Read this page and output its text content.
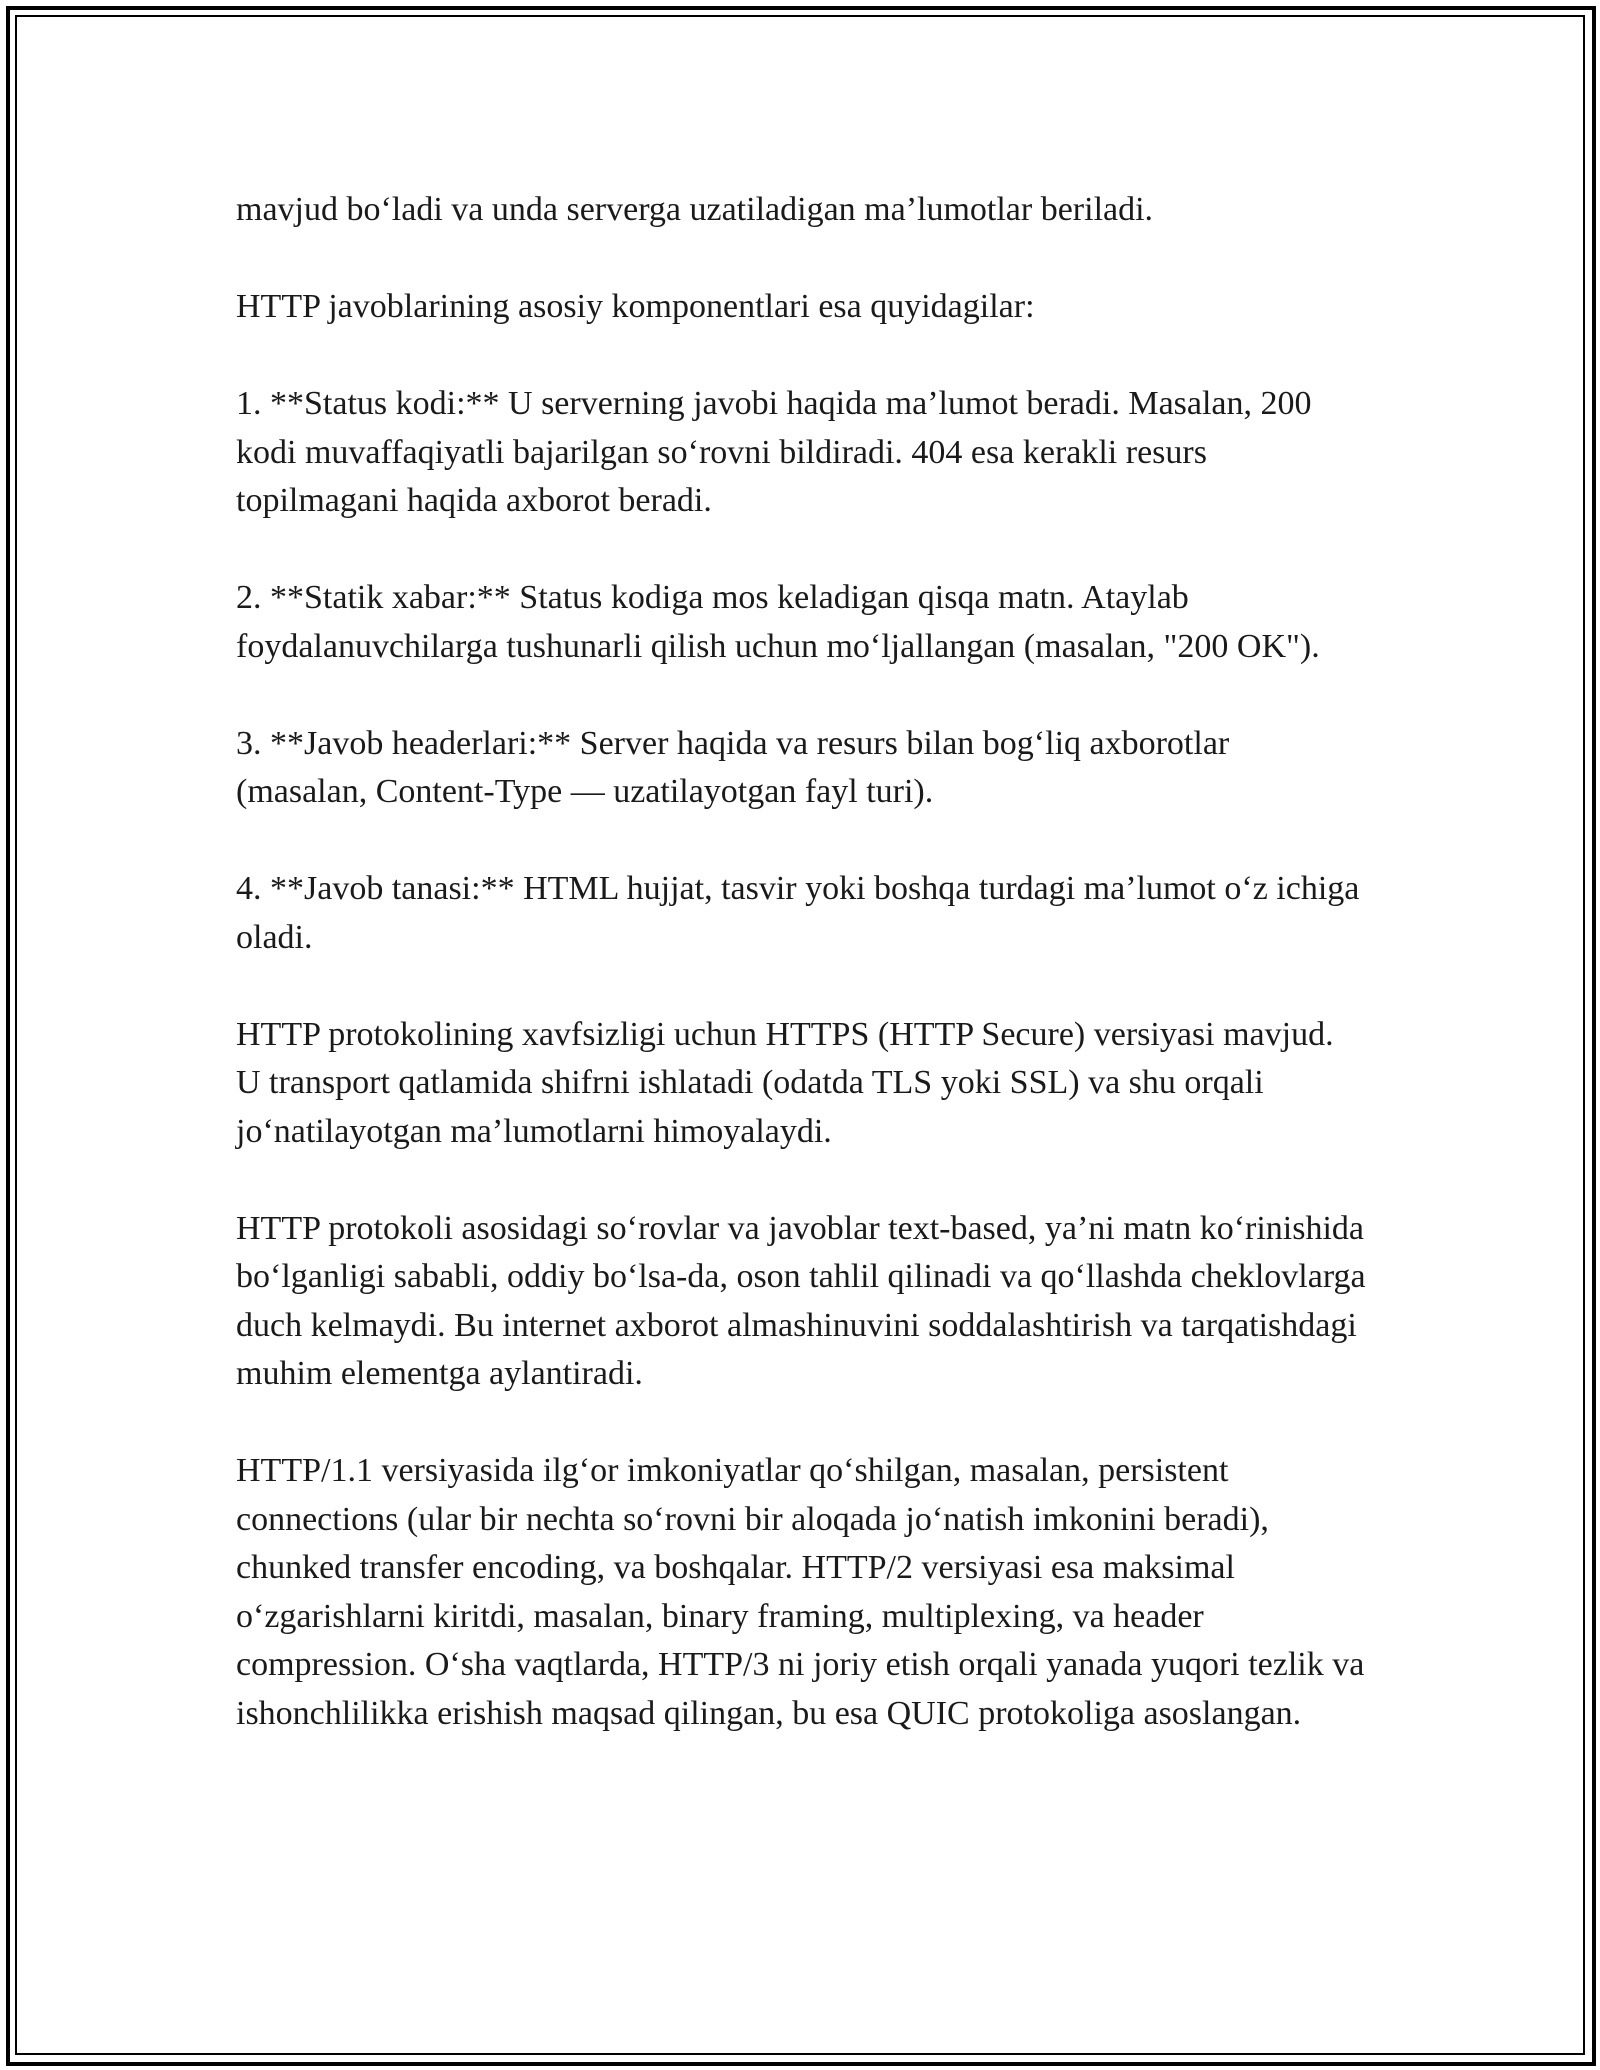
mavjud bo‘ladi va unda serverga uzatiladigan ma’lumotlar beriladi.

HTTP javoblarining asosiy komponentlari esa quyidagilar:

1. **Status kodi:** U serverning javobi haqida ma’lumot beradi. Masalan, 200 kodi muvaffaqiyatli bajarilgan so‘rovni bildiradi. 404 esa kerakli resurs topilmagani haqida axborot beradi.

2. **Statik xabar:** Status kodiga mos keladigan qisqa matn. Ataylab foydalanuvchilarga tushunarli qilish uchun mo‘ljallangan (masalan, "200 OK").

3. **Javob headerlari:** Server haqida va resurs bilan bog‘liq axborotlar (masalan, Content-Type — uzatilayotgan fayl turi).

4. **Javob tanasi:** HTML hujjat, tasvir yoki boshqa turdagi ma’lumot o‘z ichiga oladi.

HTTP protokolining xavfsizligi uchun HTTPS (HTTP Secure) versiyasi mavjud. U transport qatlamida shifrni ishlatadi (odatda TLS yoki SSL) va shu orqali jo‘natilayotgan ma’lumotlarni himoyalaydi.

HTTP protokoli asosidagi so‘rovlar va javoblar text-based, ya’ni matn ko‘rinishida bo‘lganligi sababli, oddiy bo‘lsa-da, oson tahlil qilinadi va qo‘llashda cheklovlarga duch kelmaydi. Bu internet axborot almashinuvini soddalashtirish va tarqatishdagi muhim elementga aylantiradi.

HTTP/1.1 versiyasida ilg‘or imkoniyatlar qo‘shilgan, masalan, persistent connections (ular bir nechta so‘rovni bir aloqada jo‘natish imkonini beradi), chunked transfer encoding, va boshqalar. HTTP/2 versiyasi esa maksimal o‘zgarishlarni kiritdi, masalan, binary framing, multiplexing, va header compression. O‘sha vaqtlarda, HTTP/3 ni joriy etish orqali yanada yuqori tezlik va ishonchlilikka erishish maqsad qilingan, bu esa QUIC protokoliga asoslangan.
